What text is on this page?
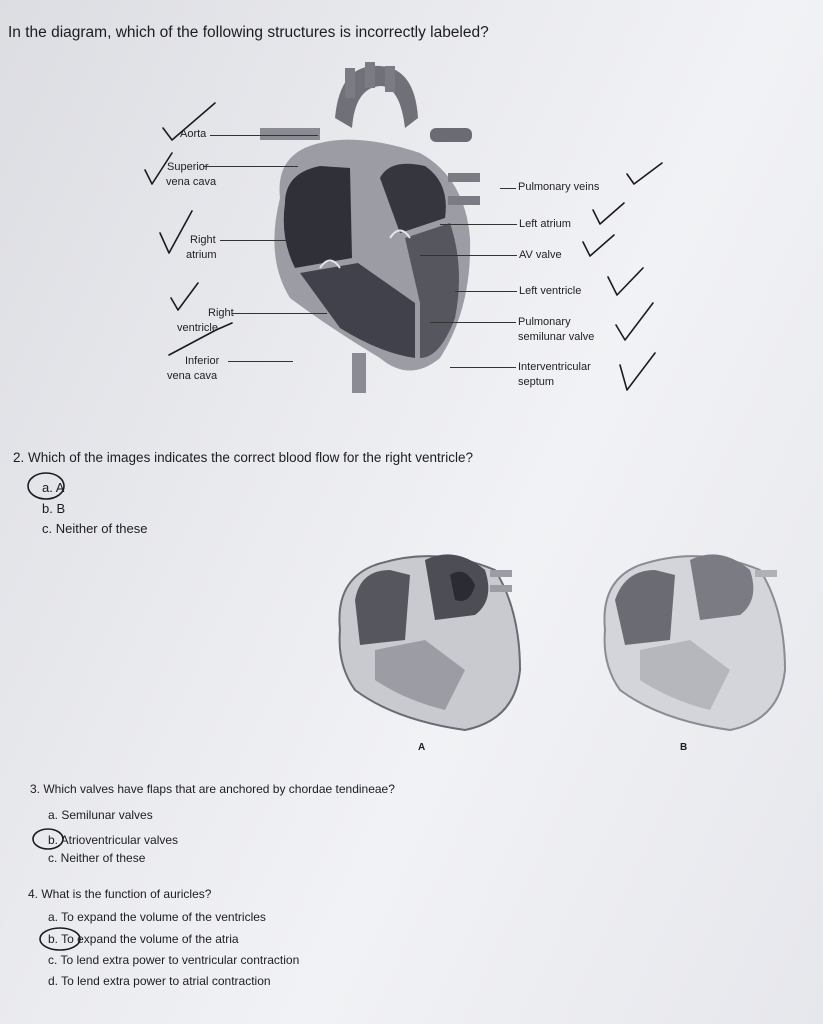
In the diagram, which of the following structures is incorrectly labeled?
Aorta
Superior
vena cava
Right
atrium
Right
ventricle
Inferior
vena cava
Pulmonary veins
Left atrium
AV valve
Left ventricle
Pulmonary
semilunar valve
Interventricular
septum
2. Which of the images indicates the correct blood flow for the right ventricle?
a. A
b. B
c. Neither of these
A	B
3. Which valves have flaps that are anchored by chordae tendineae?
a. Semilunar valves
b. Atrioventricular valves
c. Neither of these
4. What is the function of auricles?
a. To expand the volume of the ventricles
b. To expand the volume of the atria
c. To lend extra power to ventricular contraction
d. To lend extra power to atrial contraction
